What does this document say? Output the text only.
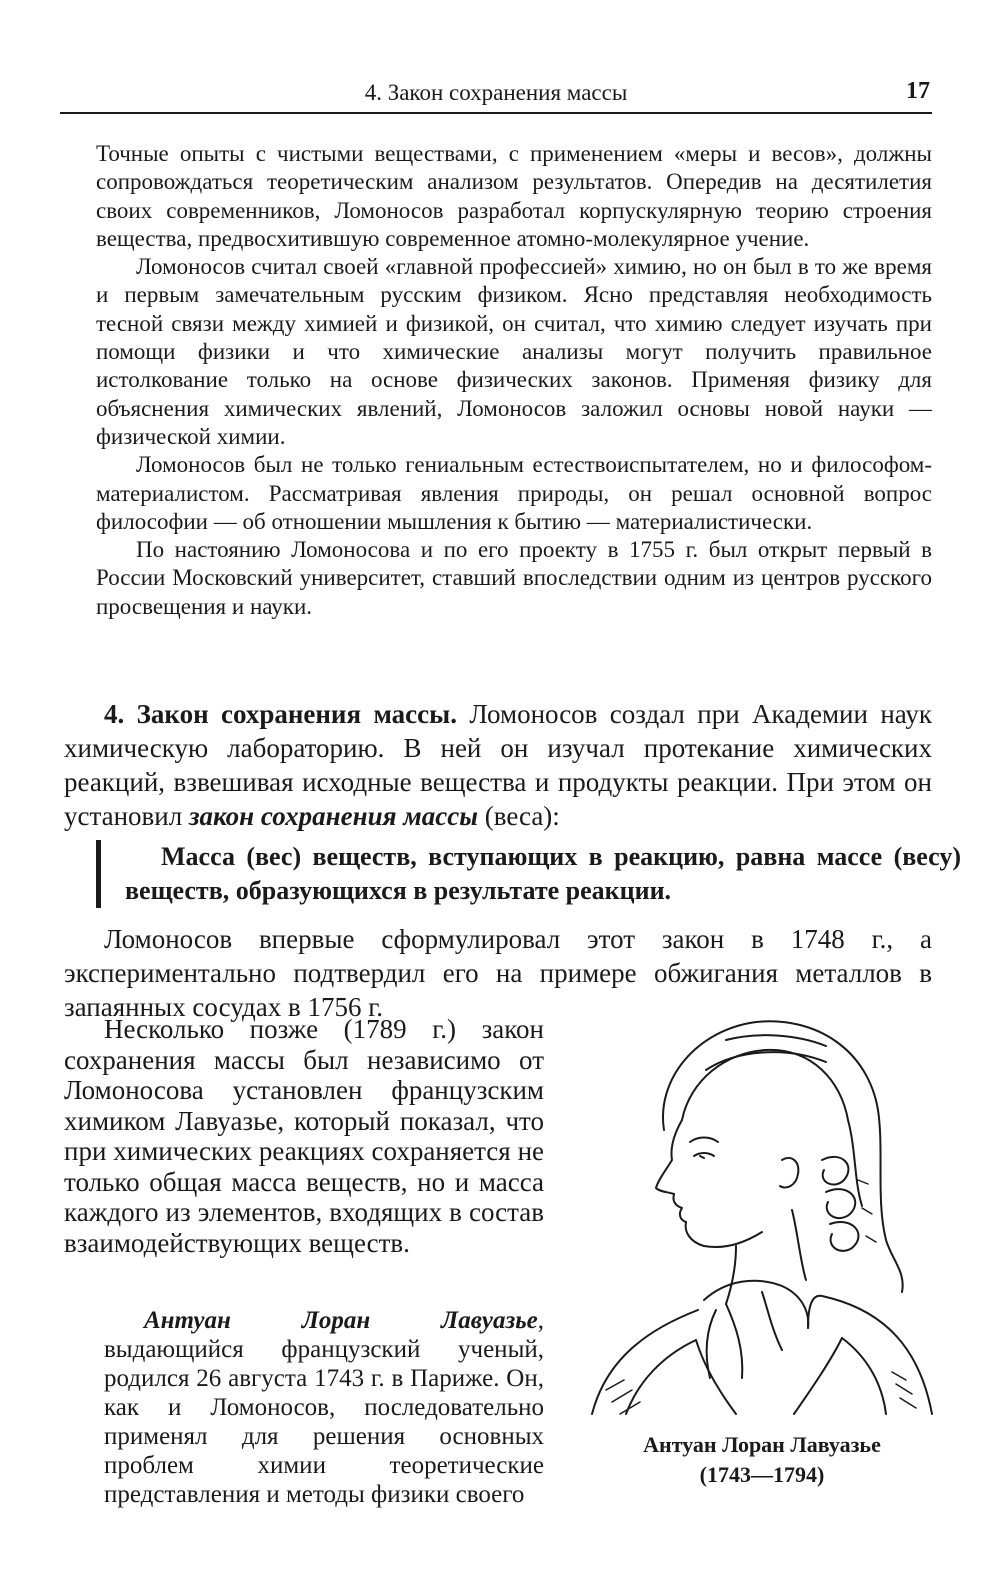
4. Закон сохранения массы	17

Точные опыты с чистыми веществами, с применением «меры и весов», должны сопровождаться теоретическим анализом результатов. Опередив на десятилетия своих современников, Ломоносов разработал корпускулярную теорию строения вещества, предвосхитившую современное атомно-молекулярное учение.

Ломоносов считал своей «главной профессией» химию, но он был в то же время и первым замечательным русским физиком. Ясно представляя необходимость тесной связи между химией и физикой, он считал, что химию следует изучать при помощи физики и что химические анализы могут получить правильное истолкование только на основе физических законов. Применяя физику для объяснения химических явлений, Ломоносов заложил основы новой науки — физической химии.

Ломоносов был не только гениальным естествоиспытателем, но и философом-материалистом. Рассматривая явления природы, он решал основной вопрос философии — об отношении мышления к бытию — материалистически.

По настоянию Ломоносова и по его проекту в 1755 г. был открыт первый в России Московский университет, ставший впоследствии одним из центров русского просвещения и науки.

4. Закон сохранения массы. Ломоносов создал при Академии наук химическую лабораторию. В ней он изучал протекание химических реакций, взвешивая исходные вещества и продукты реакции. При этом он установил закон сохранения массы (веса):

Масса (вес) веществ, вступающих в реакцию, равна массе (весу) веществ, образующихся в результате реакции.

Ломоносов впервые сформулировал этот закон в 1748 г., а экспериментально подтвердил его на примере обжигания металлов в запаянных сосудах в 1756 г.

Несколько позже (1789 г.) закон сохранения массы был независимо от Ломоносова установлен французским химиком Лавуазье, который показал, что при химических реакциях сохраняется не только общая масса веществ, но и масса каждого из элементов, входящих в состав взаимодействующих веществ.

Антуан Лоран Лавуазье, выдающийся французский ученый, родился 26 августа 1743 г. в Париже. Он, как и Ломоносов, последовательно применял для решения основных проблем химии теоретические представления и методы физики своего

Антуан Лоран Лавуазье
(1743—1794)
